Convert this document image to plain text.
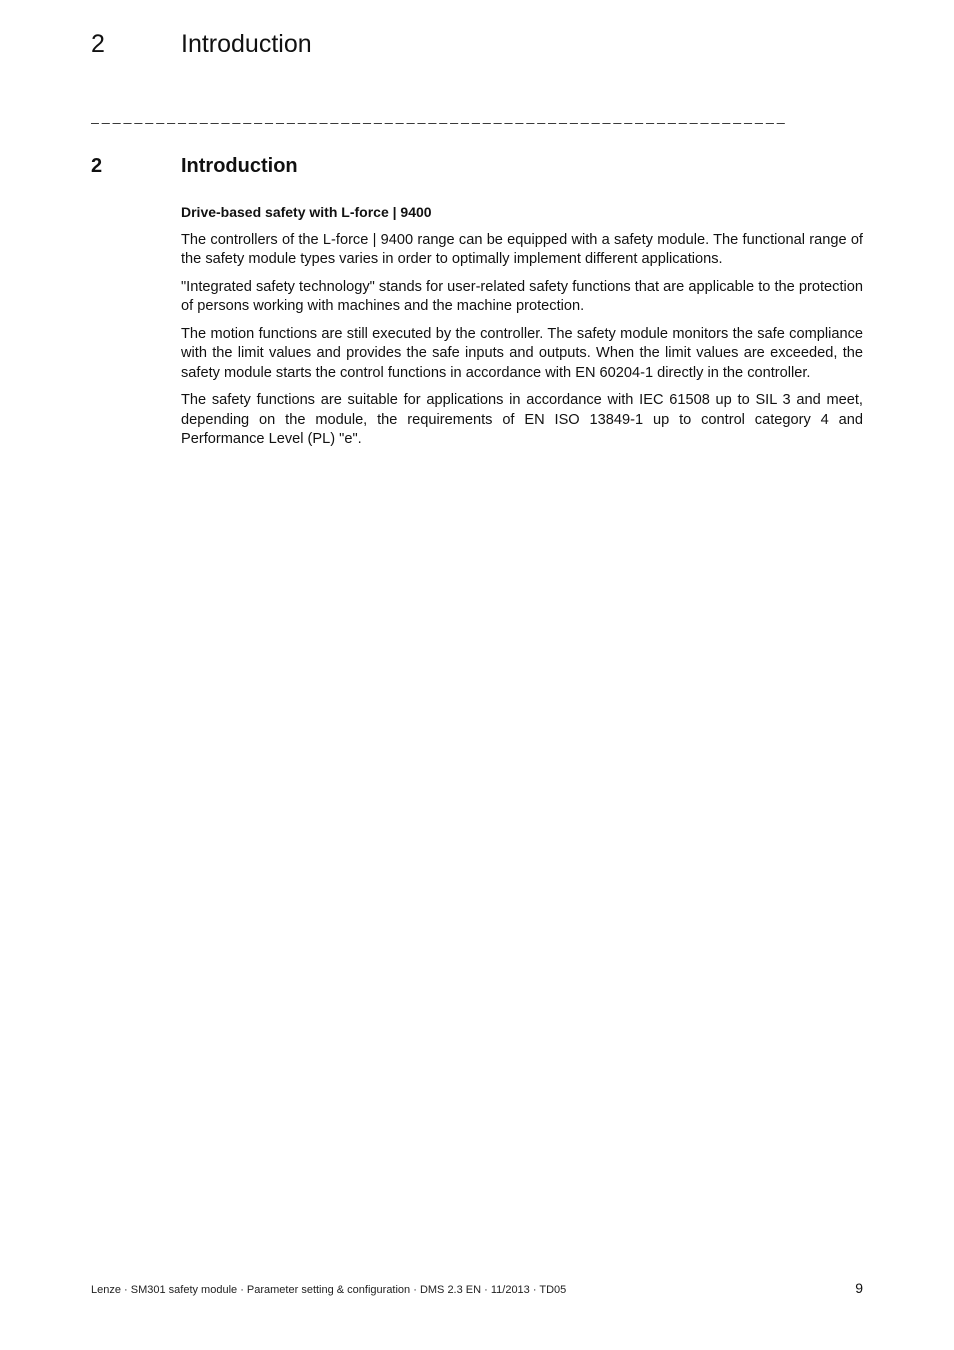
2	Introduction
________________________________________________________________
2	Introduction
Drive-based safety with L-force | 9400

The controllers of the L-force | 9400 range can be equipped with a safety module. The functional range of the safety module types varies in order to optimally implement different applications.

"Integrated safety technology" stands for user-related safety functions that are applicable to the protection of persons working with machines and the machine protection.

The motion functions are still executed by the controller. The safety module monitors the safe compliance with the limit values and provides the safe inputs and outputs. When the limit values are exceeded, the safety module starts the control functions in accordance with EN 60204-1 directly in the controller.

The safety functions are suitable for applications in accordance with IEC 61508 up to SIL 3 and meet, depending on the module, the requirements of EN ISO 13849-1 up to control category 4 and Performance Level (PL) "e".

Lenze · SM301 safety module · Parameter setting & configuration · DMS 2.3 EN · 11/2013 · TD05	9
